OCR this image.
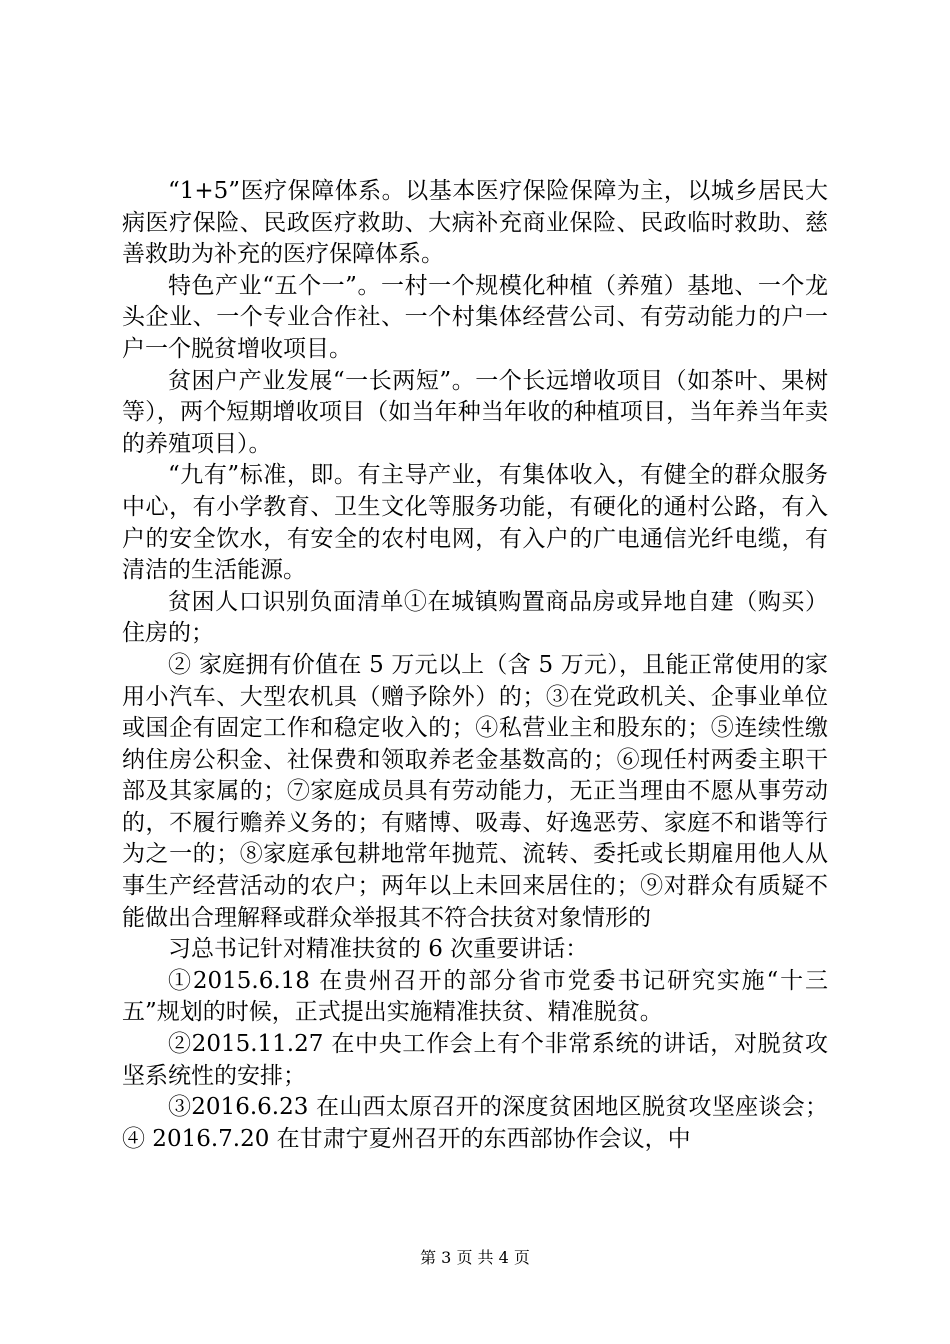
“1+5”医疗保障体系。以基本医疗保险保障为主，以城乡居民大病医疗保险、民政医疗救助、大病补充商业保险、民政临时救助、慈善救助为补充的医疗保障体系。

特色产业“五个一”。一村一个规模化种植（养殖）基地、一个龙头企业、一个专业合作社、一个村集体经营公司、有劳动能力的户一户一个脱贫增收项目。

贫困户产业发展“一长两短”。一个长远增收项目（如茶叶、果树等），两个短期增收项目（如当年种当年收的种植项目，当年养当年卖的养殖项目）。

“九有”标准，即。有主导产业，有集体收入，有健全的群众服务中心，有小学教育、卫生文化等服务功能，有硬化的通村公路，有入户的安全饮水，有安全的农村电网，有入户的广电通信光纤电缆，有清洁的生活能源。

贫困人口识别负面清单①在城镇购置商品房或异地自建（购买）住房的；

② 家庭拥有价值在 5 万元以上（含 5 万元），且能正常使用的家用小汽车、大型农机具（赠予除外）的；③在党政机关、企事业单位或国企有固定工作和稳定收入的；④私营业主和股东的；⑤连续性缴纳住房公积金、社保费和领取养老金基数高的；⑥现任村两委主职干部及其家属的；⑦家庭成员具有劳动能力，无正当理由不愿从事劳动的，不履行赡养义务的；有赌博、吸毒、好逸恶劳、家庭不和谐等行为之一的；⑧家庭承包耕地常年抛荒、流转、委托或长期雇用他人从事生产经营活动的农户；两年以上未回来居住的；⑨对群众有质疑不能做出合理解释或群众举报其不符合扶贫对象情形的

习总书记针对精准扶贫的 6 次重要讲话：

①2015.6.18 在贵州召开的部分省市党委书记研究实施“十三五”规划的时候，正式提出实施精准扶贫、精准脱贫。

②2015.11.27 在中央工作会上有个非常系统的讲话，对脱贫攻坚系统性的安排；

③2016.6.23 在山西太原召开的深度贫困地区脱贫攻坚座谈会；④ 2016.7.20 在甘肃宁夏州召开的东西部协作会议，中

第 3 页 共 4 页
